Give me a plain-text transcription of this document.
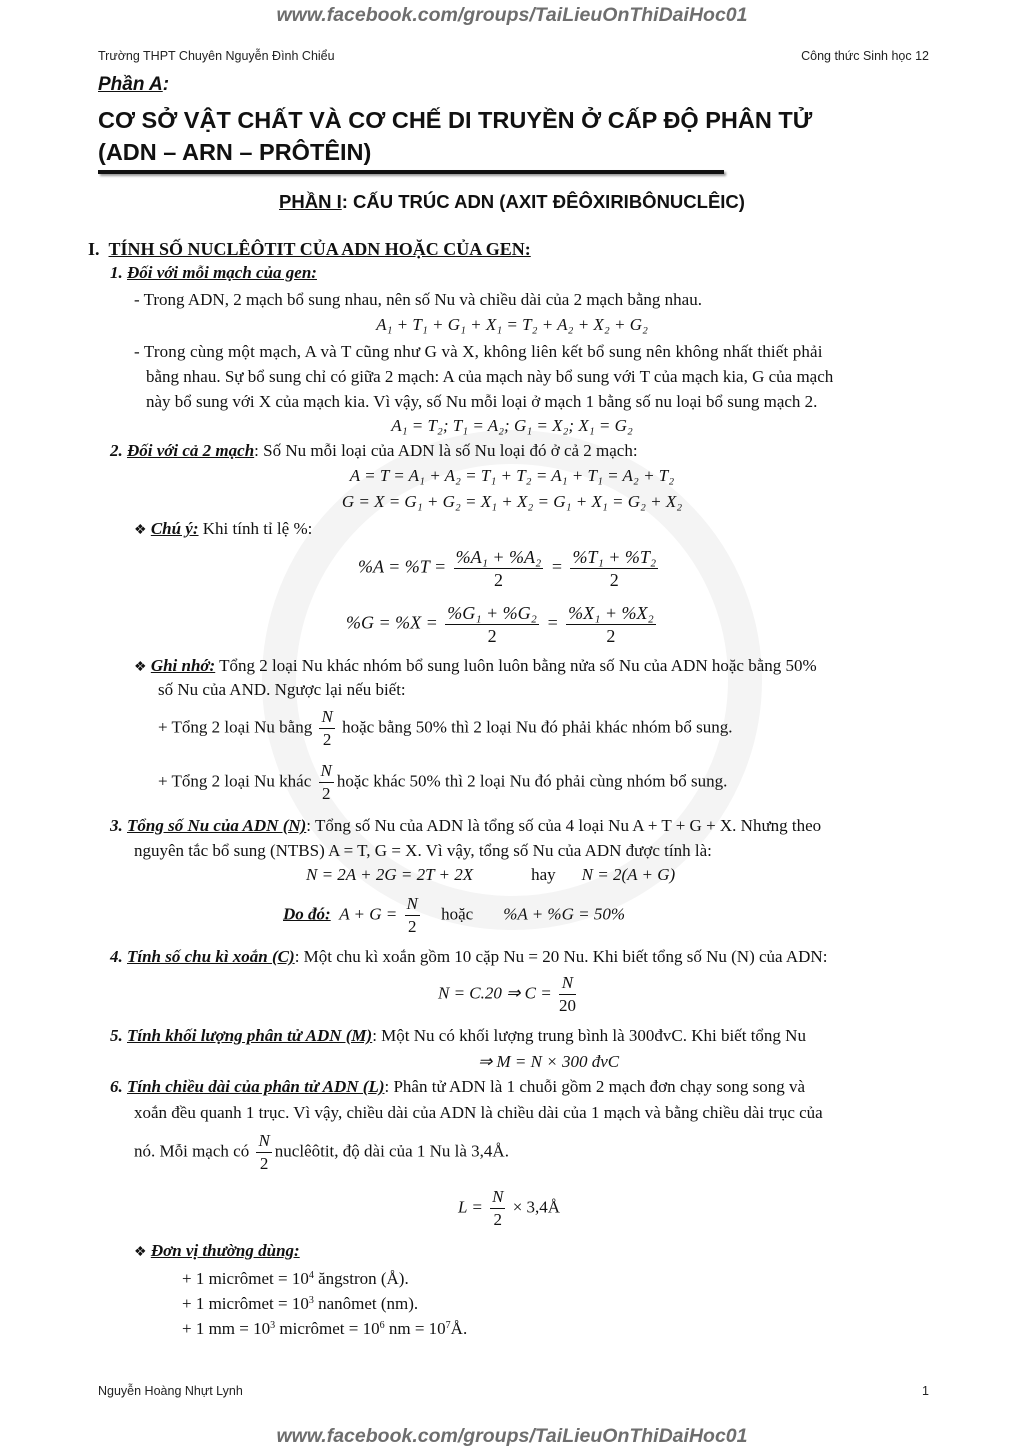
www.facebook.com/groups/TaiLieuOnThiDaiHoc01
Trường THPT Chuyên Nguyễn Đình Chiểu	Công thức Sinh học 12
Phần A:
CƠ SỞ VẬT CHẤT VÀ CƠ CHẾ DI TRUYỀN Ở CẤP ĐỘ PHÂN TỬ
(ADN – ARN – PRÔTÊIN)
PHẦN I: CẤU TRÚC ADN (AXIT ĐÊÔXIRIBÔNUCLÊIC)
I. TÍNH SỐ NUCLÊÔTIT CỦA ADN HOẶC CỦA GEN:
1. Đối với mỗi mạch của gen:
- Trong ADN, 2 mạch bổ sung nhau, nên số Nu và chiều dài của 2 mạch bằng nhau.
A₁ + T₁ + G₁ + X₁ = T₂ + A₂ + X₂ + G₂
- Trong cùng một mạch, A và T cũng như G và X, không liên kết bổ sung nên không nhất thiết phải
bằng nhau. Sự bổ sung chỉ có giữa 2 mạch: A của mạch này bổ sung với T của mạch kia, G của mạch
này bổ sung với X của mạch kia. Vì vậy, số Nu mỗi loại ở mạch 1 bằng số nu loại bổ sung mạch 2.
A₁ = T₂; T₁ = A₂; G₁ = X₂; X₁ = G₂
2. Đối với cả 2 mạch: Số Nu mỗi loại của ADN là số Nu loại đó ở cả 2 mạch:
A = T = A₁ + A₂ = T₁ + T₂ = A₁ + T₁ = A₂ + T₂
G = X = G₁ + G₂ = X₁ + X₂ = G₁ + X₁ = G₂ + X₂
❖ Chú ý: Khi tính tỉ lệ %:
$\%A = \%T = \frac{\text{\%A₁ + \%A₂}}{2} = \frac{\text{\%T₁ + \%T₂}}{2}$
$\%G = \%X = \frac{\text{\%G₁ + \%G₂}}{2} = \frac{\text{\%X₁ + \%X₂}}{2}$
❖ Ghi nhớ: Tổng 2 loại Nu khác nhóm bổ sung luôn luôn bằng nửa số Nu của ADN hoặc bằng 50%
số Nu của AND. Ngược lại nếu biết:
+ Tổng 2 loại Nu bằng $\frac{N}{2}$ hoặc bằng 50% thì 2 loại Nu đó phải khác nhóm bổ sung.
+ Tổng 2 loại Nu khác $\frac{N}{2}$ hoặc khác 50% thì 2 loại Nu đó phải cùng nhóm bổ sung.
3. Tổng số Nu của ADN (N): Tổng số Nu của ADN là tổng số của 4 loại Nu A + T + G + X. Nhưng theo
nguyên tắc bổ sung (NTBS) A = T, G = X. Vì vậy, tổng số Nu của ADN được tính là:
N = 2A + 2G = 2T + 2X	hay N = 2(A + G)
Do đó: $A + G = \frac{N}{2}$ hoặc %A + %G = 50%
4. Tính số chu kì xoắn (C): Một chu kì xoắn gồm 10 cặp Nu = 20 Nu. Khi biết tổng số Nu (N) của ADN:
N = C.20 ⇒ $C = \frac{N}{20}$
5. Tính khối lượng phân tử ADN (M): Một Nu có khối lượng trung bình là 300đvC. Khi biết tổng Nu
⇒ M = N × 300 đvC
6. Tính chiều dài của phân tử ADN (L): Phân tử ADN là 1 chuỗi gồm 2 mạch đơn chạy song song và
xoắn đều quanh 1 trục. Vì vậy, chiều dài của ADN là chiều dài của 1 mạch và bằng chiều dài trục của
nó. Mỗi mạch có $\frac{N}{2}$ nuclêôtit, độ dài của 1 Nu là 3,4Å.
$L = \frac{N}{2}$ × 3,4Å
❖ Đơn vị thường dùng:
+ 1 micrômet = $10^4$ ăngstron (Å).
+ 1 micrômet = $10^3$ nanômet (nm).
+ 1 mm = $10^3$ micrômet = $10^6$ nm = $10^7Å$.
Nguyễn Hoàng Nhựt Lynh	1
www.facebook.com/groups/TaiLieuOnThiDaiHoc01
